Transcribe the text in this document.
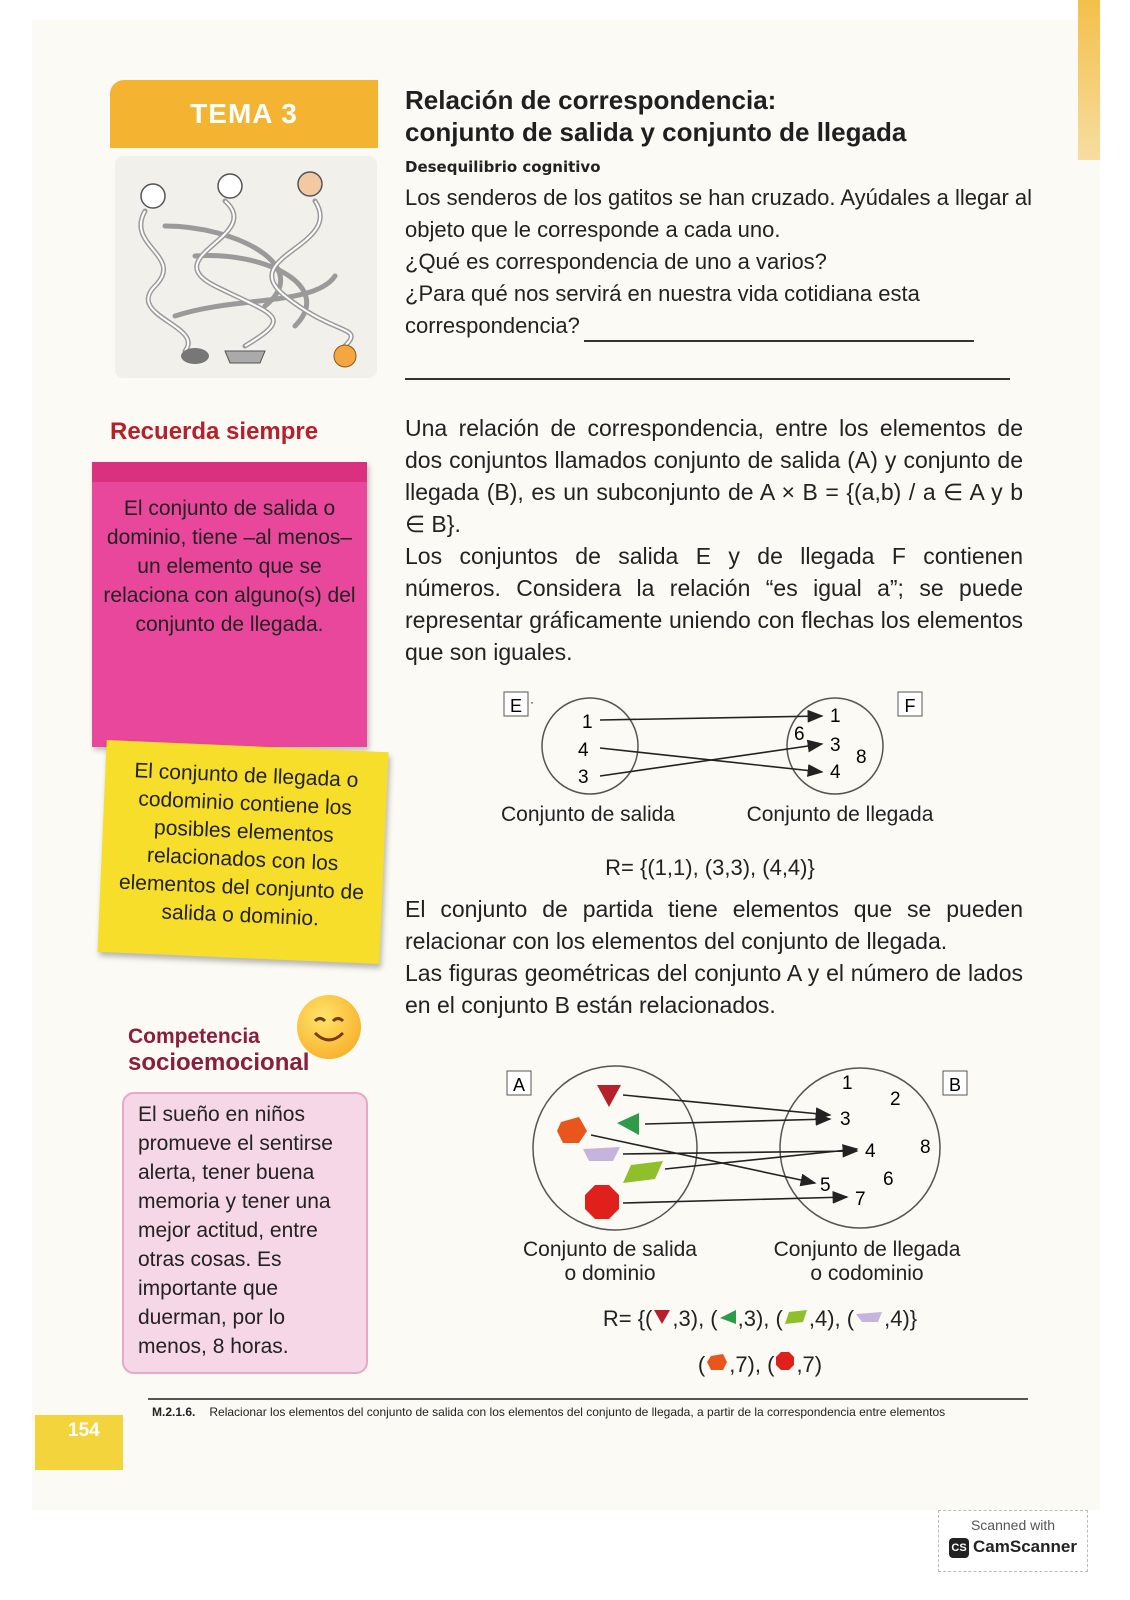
TEMA 3	Relación de correspondencia:
conjunto de salida y conjunto de llegada
Desequilibrio cognitivo
Los senderos de los gatitos se han cruzado. Ayúdales a llegar al objeto que le corresponde a cada uno.
¿Qué es correspondencia de uno a varios?
¿Para qué nos servirá en nuestra vida cotidiana esta correspondencia?
Recuerda siempre
El conjunto de salida o dominio, tiene –al menos– un elemento que se relaciona con alguno(s) del conjunto de llegada.
El conjunto de llegada o codominio contiene los posibles elementos relacionados con los elementos del conjunto de salida o dominio.
Competencia
socioemocional
El sueño en niños promueve el sentirse alerta, tener buena memoria y tener una mejor actitud, entre otras cosas. Es importante que duerman, por lo menos, 8 horas.

Una relación de correspondencia, entre los elementos de dos conjuntos llamados conjunto de salida (A) y conjunto de llegada (B), es un subconjunto de A × B = {(a,b) / a ∈ A y b ∈ B}.

Los conjuntos de salida E y de llegada F contienen números. Considera la relación “es igual a”; se puede representar gráficamente uniendo con flechas los elementos que son iguales.

E ·
1
4
3
F
1
6
3
8
4
Conjunto de salida	Conjunto de llegada
R= {(1,1), (3,3), (4,4)}

El conjunto de partida tiene elementos que se pueden relacionar con los elementos del conjunto de llegada.

Las figuras geométricas del conjunto A y el número de lados en el conjunto B están relacionados.

A	B
1
2
3
4 8
6
5
7
Conjunto de salida
o dominio
Conjunto de llegada
o codominio
R= {( ,3), ( ,3), ( ,4), ( ,4)}
( ,7), ( ,7)
M.2.1.6. Relacionar los elementos del conjunto de salida con los elementos del conjunto de llegada, a partir de la correspondencia entre elementos
154
Scanned with
CS CamScanner
